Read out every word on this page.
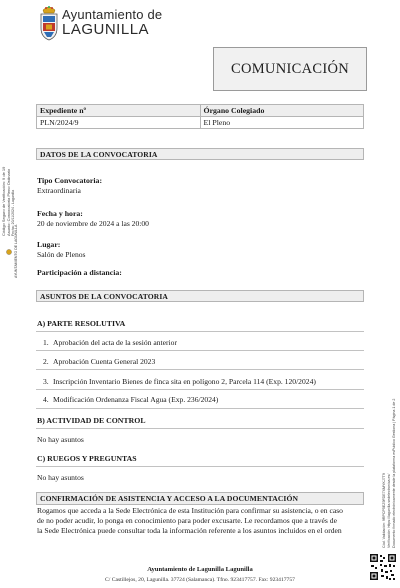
Ayuntamiento de
LAGUNILLA
COMUNICACIÓN
Código Seguro de Verificación: 9 de 19 Asunto: Convocatoria Pleno Ordinario Fecha: 20/11/2024 - Lagunilla
AYUNTAMIENTO DE LAGUNILLA
Cód. Validación: 9RPCP5EZ9FDE7XMYKJ7T9 Verificación: https://lagunilla.sedelectronica.es/ Documento firmado electrónicamente desde la plataforma esPublico Gestiona | Página 1 de 2
Expediente nº	Órgano Colegiado
PLN/2024/9	El Pleno
DATOS DE LA CONVOCATORIA
Tipo Convocatoria:
Extraordinaria
Fecha y hora:
20 de noviembre de 2024 a las 20:00
Lugar:
Salón de Plenos
Participación a distancia:
ASUNTOS DE LA CONVOCATORIA
A) PARTE RESOLUTIVA
1. Aprobación del acta de la sesión anterior
2. Aprobación Cuenta General 2023
3. Inscripción Inventario Bienes de finca sita en polígono 2, Parcela 114 (Exp. 120/2024)
4. Modificación Ordenanza Fiscal Agua (Exp. 236/2024)
B) ACTIVIDAD DE CONTROL
No hay asuntos
C) RUEGOS Y PREGUNTAS
No hay asuntos
CONFIRMACIÓN DE ASISTENCIA Y ACCESO A LA DOCUMENTACIÓN
Rogamos que acceda a la Sede Electrónica de esta Institución para confirmar su asistencia, o en caso
de no poder acudir, lo ponga en conocimiento para poder excusarte. Le recordamos que a través de
la Sede Electrónica puede consultar toda la información referente a los asuntos incluidos en el orden
Ayuntamiento de Lagunilla Lagunilla
C/ Castillejos, 20, Lagunilla. 37724 (Salamanca). Tfno. 923417757. Fax: 923417757
